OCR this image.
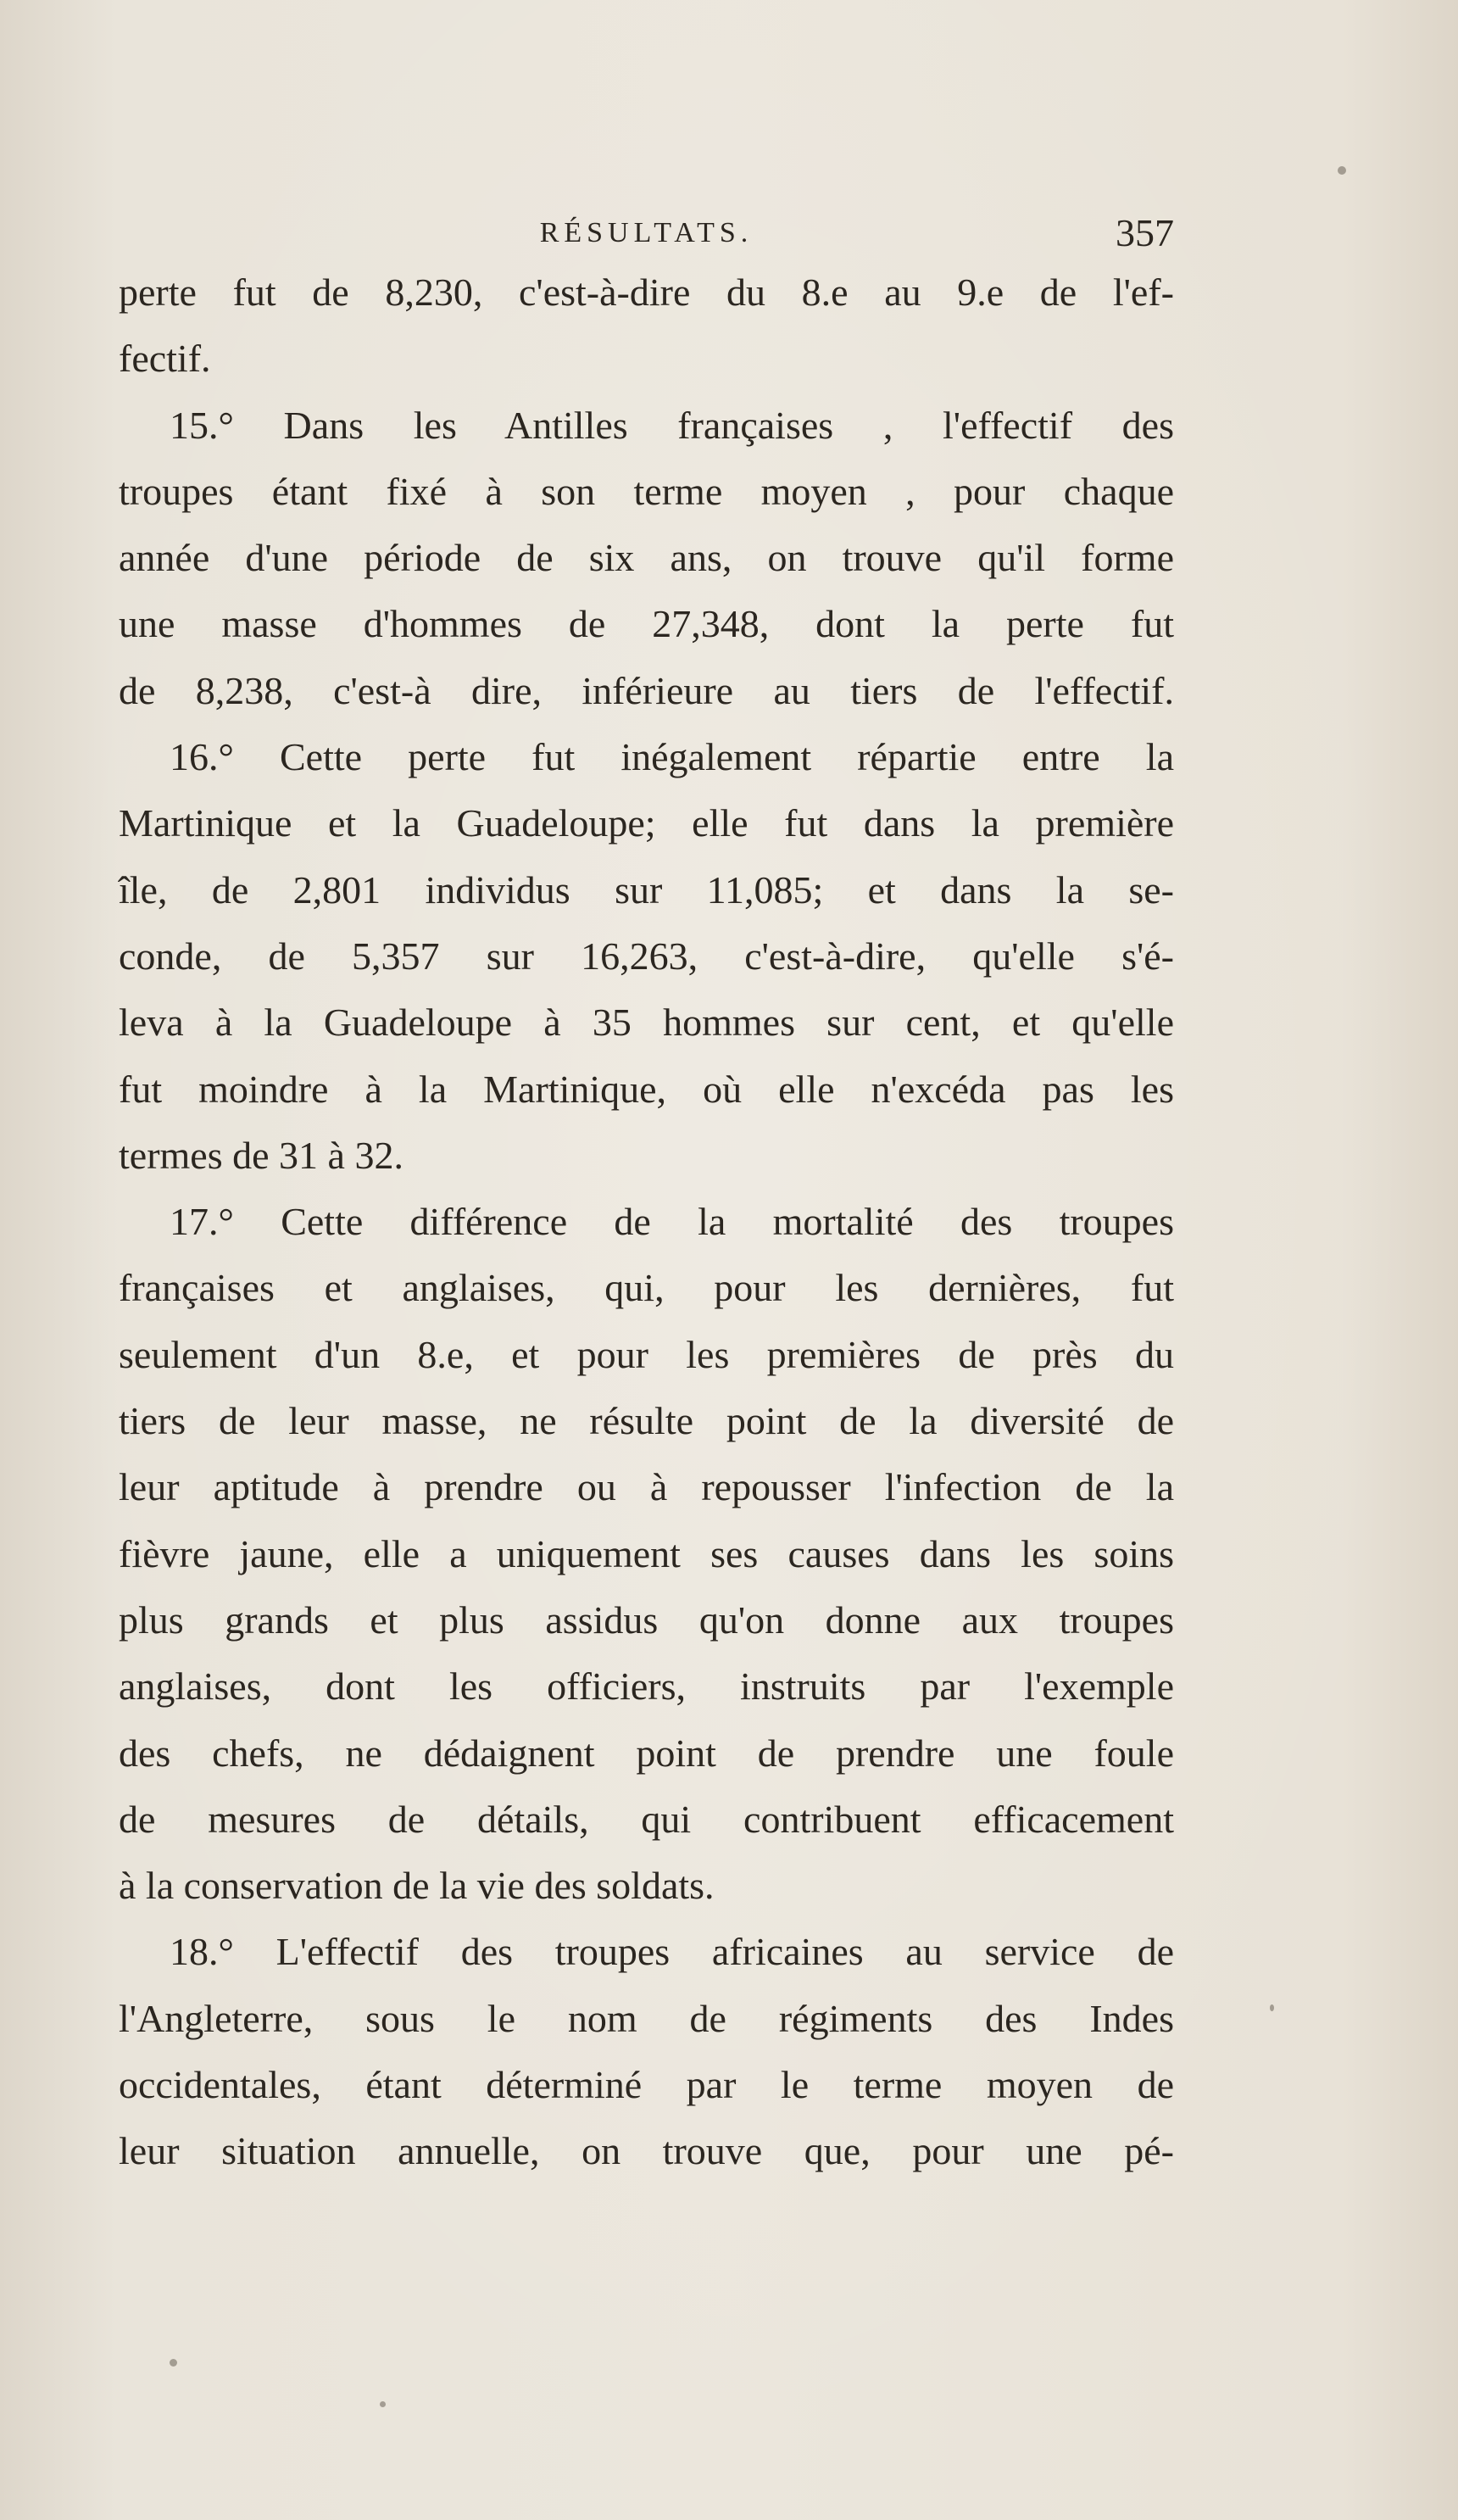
RÉSULTATS.	357
perte fut de 8,230, c'est-à-dire du 8.e au 9.e de l'ef-
fectif.
15.° Dans les Antilles françaises , l'effectif des
troupes étant fixé à son terme moyen , pour chaque
année d'une période de six ans, on trouve qu'il forme
une masse d'hommes de 27,348, dont la perte fut
de 8,238, c'est-à dire, inférieure au tiers de l'effectif.
16.° Cette perte fut inégalement répartie entre la
Martinique et la Guadeloupe; elle fut dans la première
île, de 2,801 individus sur 11,085; et dans la se-
conde, de 5,357 sur 16,263, c'est-à-dire, qu'elle s'é-
leva à la Guadeloupe à 35 hommes sur cent, et qu'elle
fut moindre à la Martinique, où elle n'excéda pas les
termes de 31 à 32.
17.° Cette différence de la mortalité des troupes
françaises et anglaises, qui, pour les dernières, fut
seulement d'un 8.e, et pour les premières de près du
tiers de leur masse, ne résulte point de la diversité de
leur aptitude à prendre ou à repousser l'infection de la
fièvre jaune, elle a uniquement ses causes dans les soins
plus grands et plus assidus qu'on donne aux troupes
anglaises, dont les officiers, instruits par l'exemple
des chefs, ne dédaignent point de prendre une foule
de mesures de détails, qui contribuent efficacement
à la conservation de la vie des soldats.
18.° L'effectif des troupes africaines au service de
l'Angleterre, sous le nom de régiments des Indes
occidentales, étant déterminé par le terme moyen de
leur situation annuelle, on trouve que, pour une pé-
